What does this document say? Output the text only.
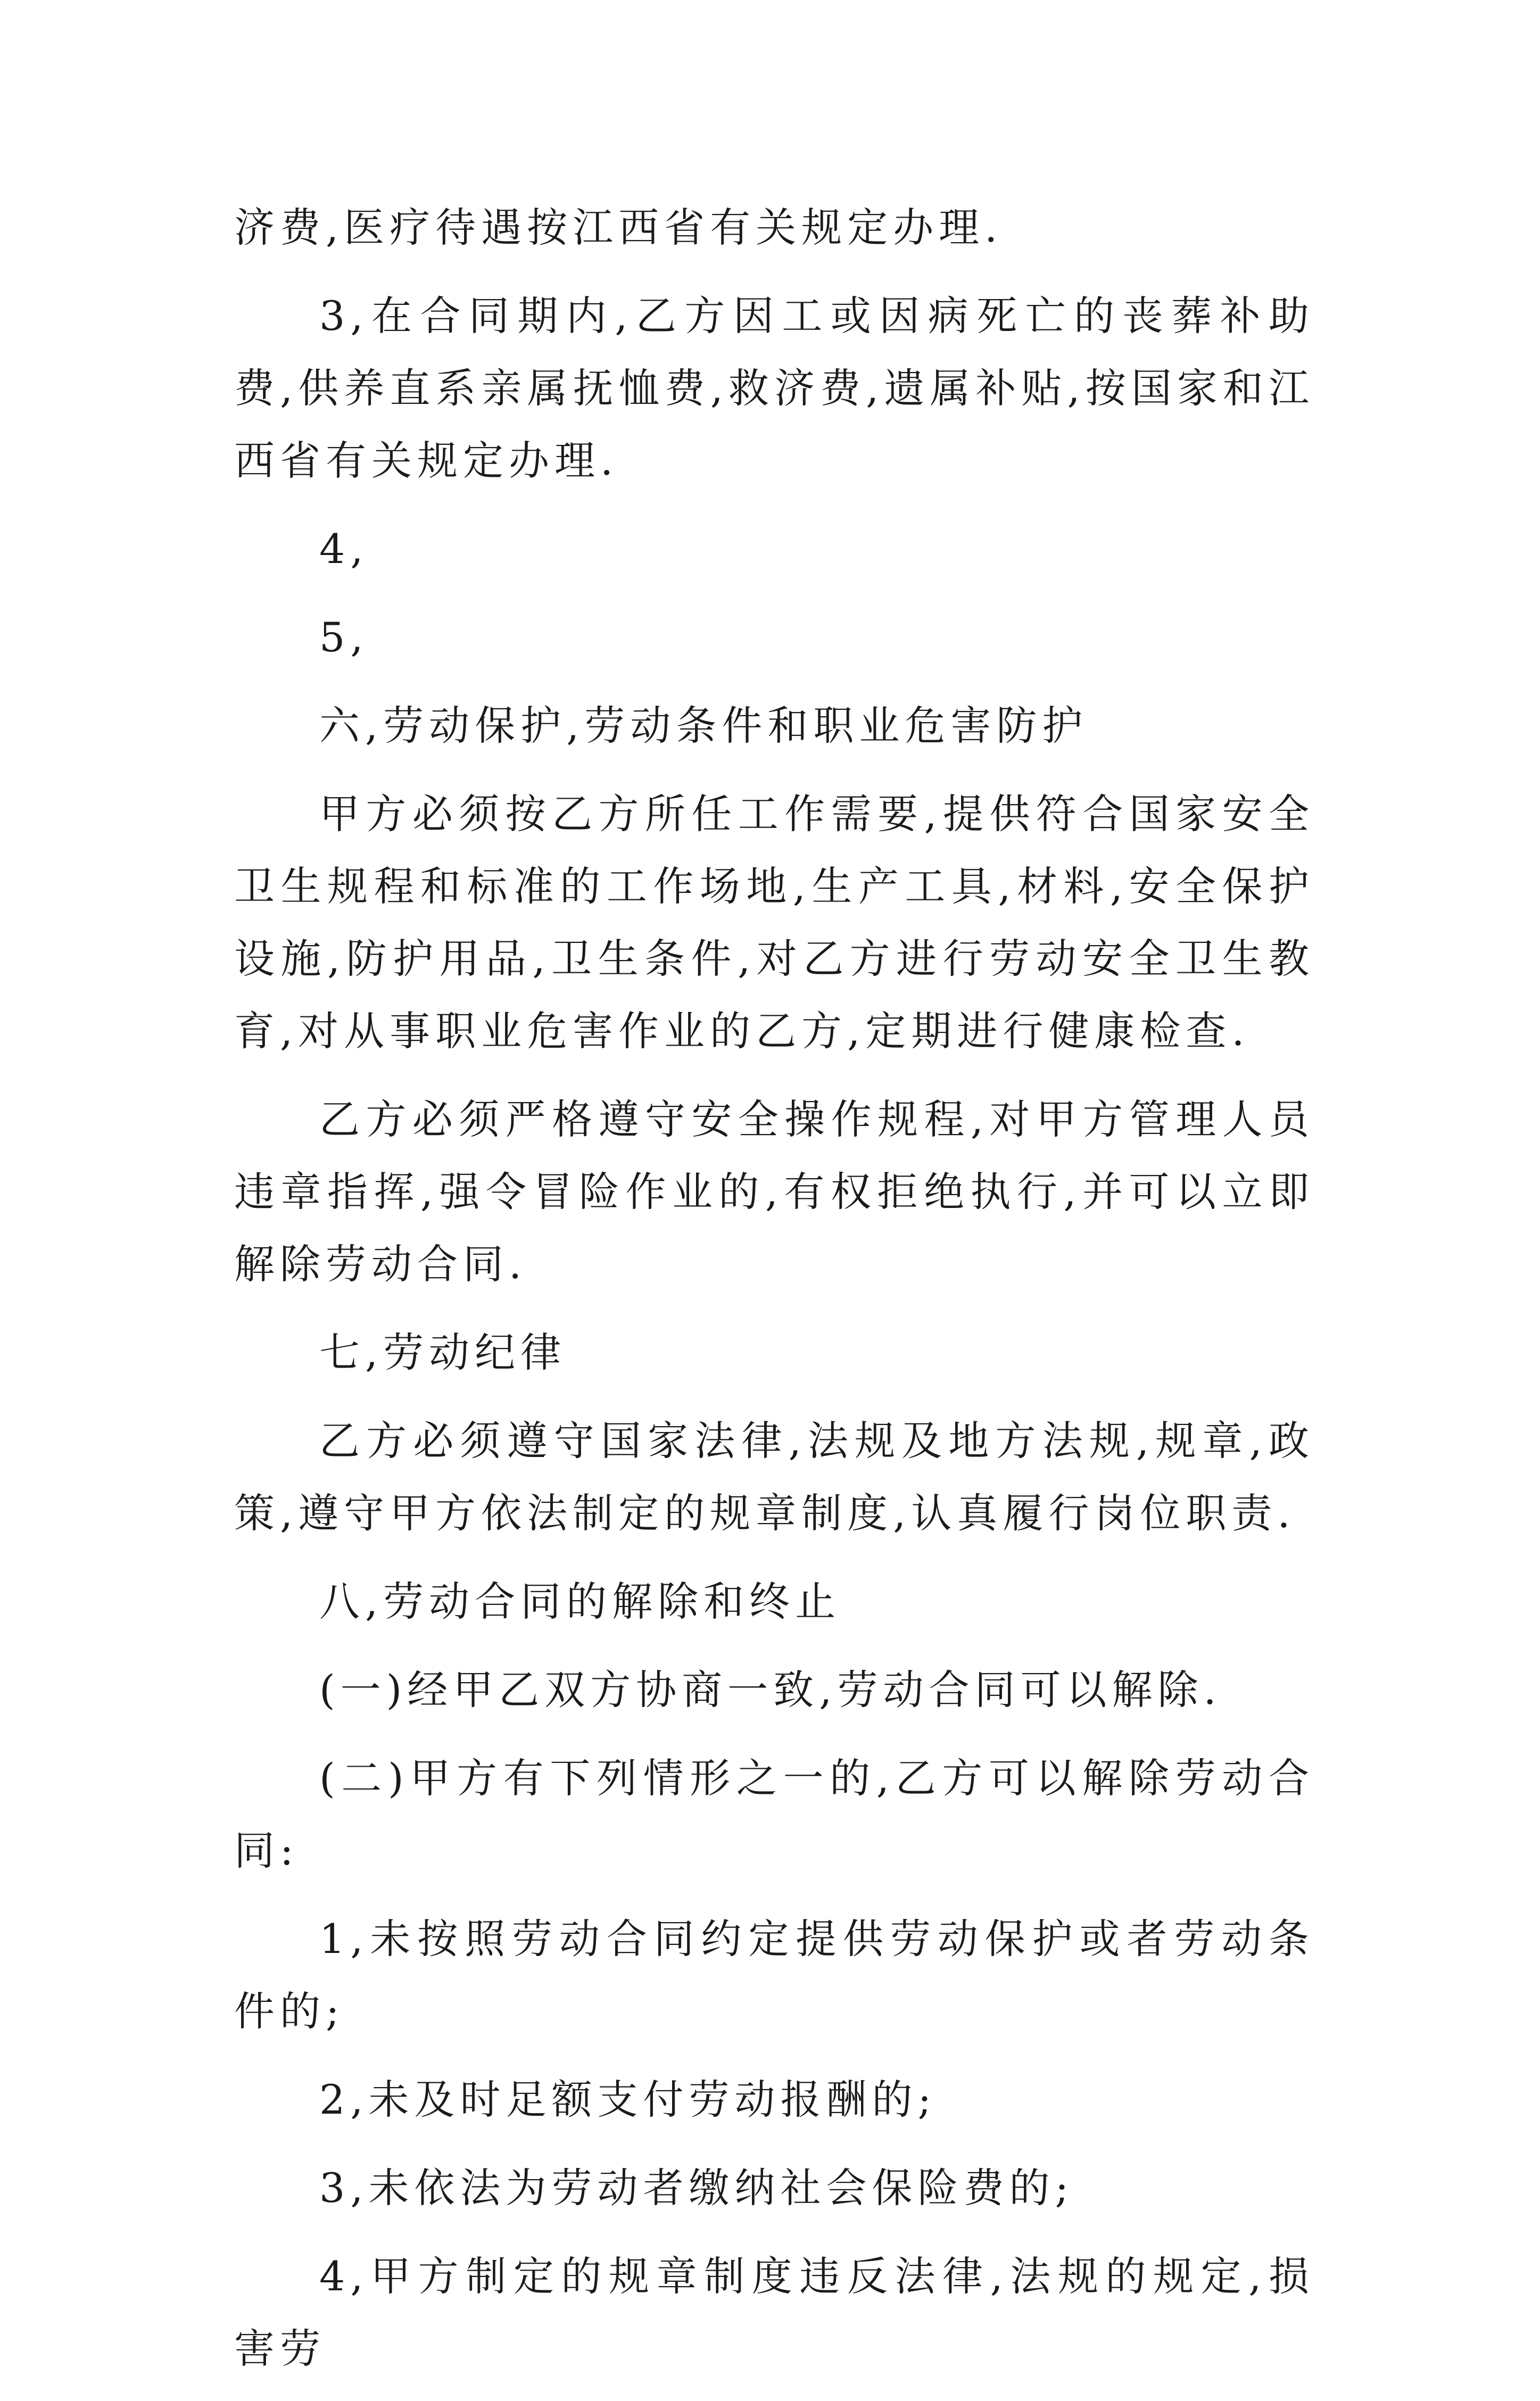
济费,医疗待遇按江西省有关规定办理.

3,在合同期内,乙方因工或因病死亡的丧葬补助费,供养直系亲属抚恤费,救济费,遗属补贴,按国家和江西省有关规定办理.

4,

5,

六,劳动保护,劳动条件和职业危害防护

甲方必须按乙方所任工作需要,提供符合国家安全卫生规程和标准的工作场地,生产工具,材料,安全保护设施,防护用品,卫生条件,对乙方进行劳动安全卫生教育,对从事职业危害作业的乙方,定期进行健康检查.

乙方必须严格遵守安全操作规程,对甲方管理人员违章指挥,强令冒险作业的,有权拒绝执行,并可以立即解除劳动合同.

七,劳动纪律

乙方必须遵守国家法律,法规及地方法规,规章,政策,遵守甲方依法制定的规章制度,认真履行岗位职责.

八,劳动合同的解除和终止

(一)经甲乙双方协商一致,劳动合同可以解除.

(二)甲方有下列情形之一的,乙方可以解除劳动合同:

1,未按照劳动合同约定提供劳动保护或者劳动条件的;

2,未及时足额支付劳动报酬的;

3,未依法为劳动者缴纳社会保险费的;

4,甲方制定的规章制度违反法律,法规的规定,损害劳
